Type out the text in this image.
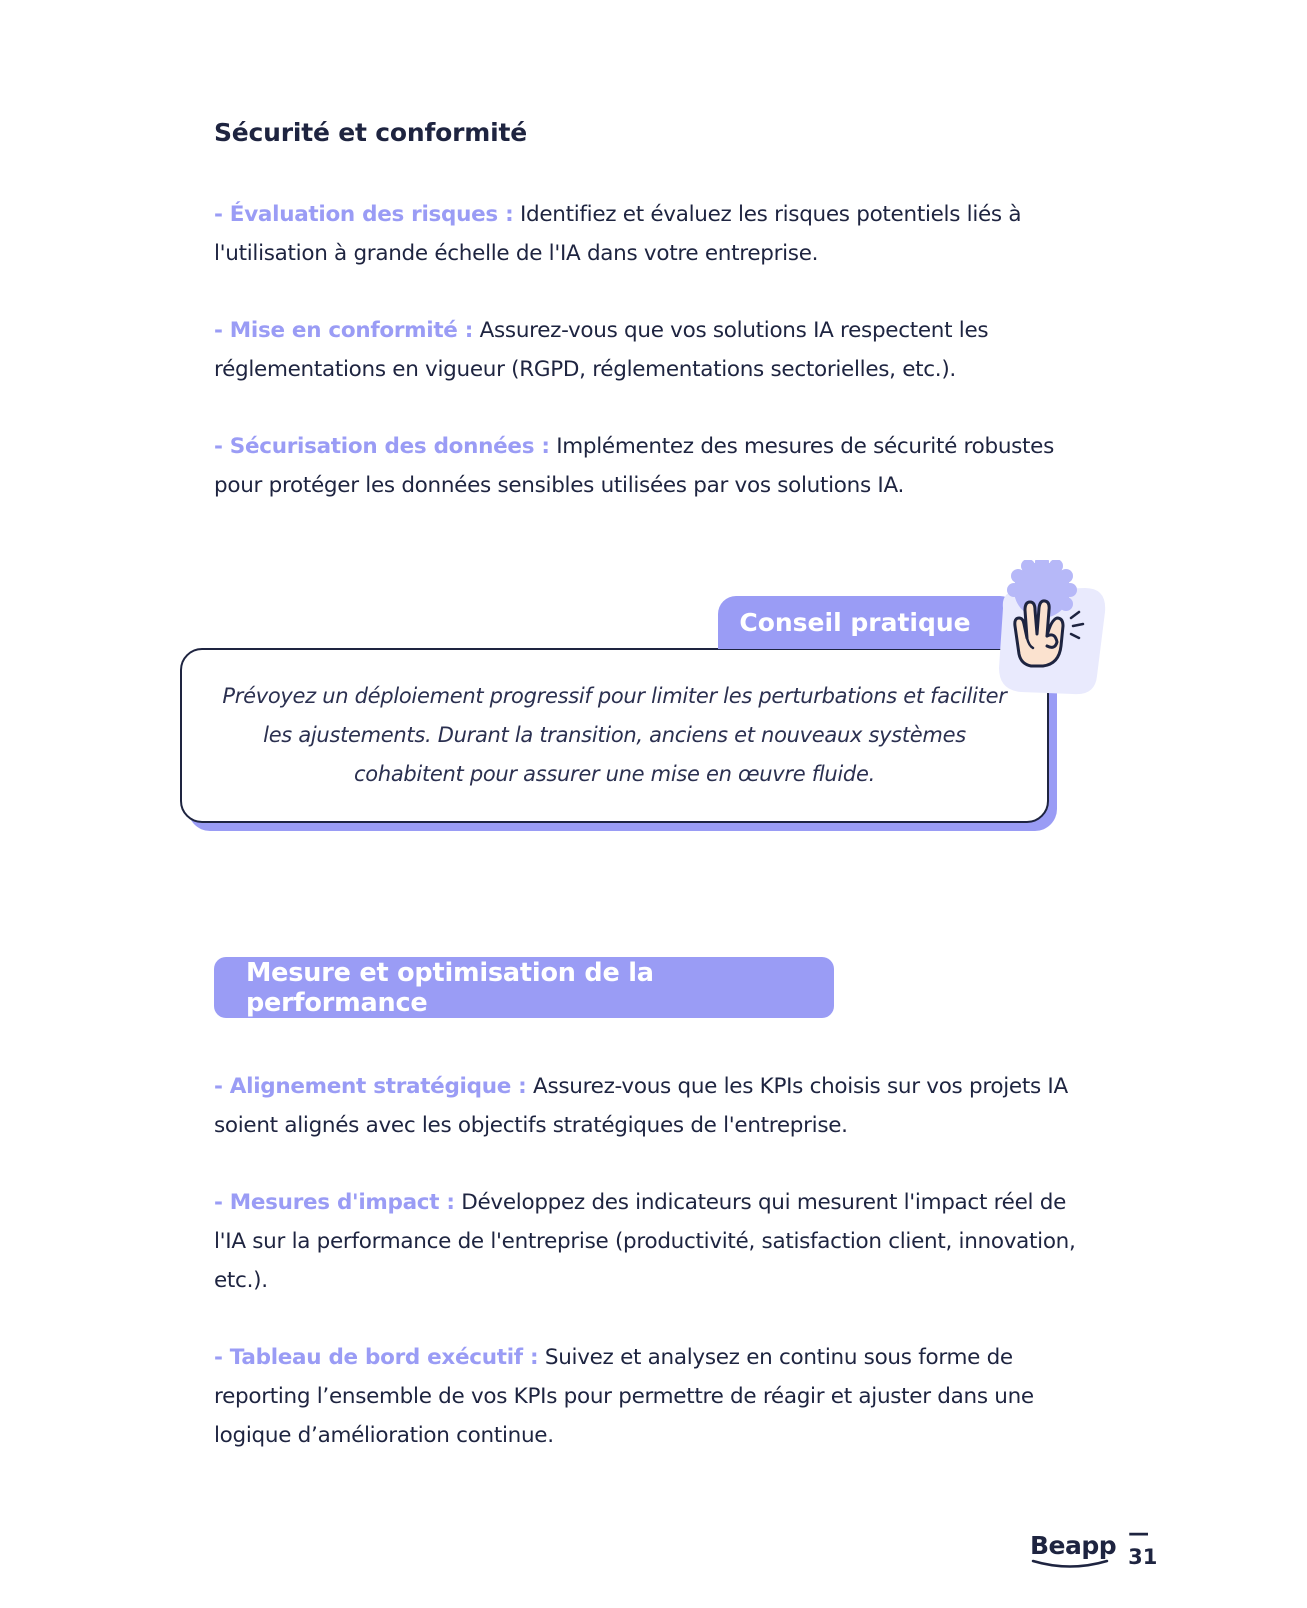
Sécurité et conformité

- Évaluation des risques : Identifiez et évaluez les risques potentiels liés à l'utilisation à grande échelle de l'IA dans votre entreprise.

- Mise en conformité : Assurez-vous que vos solutions IA respectent les réglementations en vigueur (RGPD, réglementations sectorielles, etc.).

- Sécurisation des données : Implémentez des mesures de sécurité robustes pour protéger les données sensibles utilisées par vos solutions IA.

Prévoyez un déploiement progressif pour limiter les perturbations et faciliter les ajustements. Durant la transition, anciens et nouveaux systèmes cohabitent pour assurer une mise en œuvre fluide.

Conseil pratique
Mesure et optimisation de la performance

- Alignement stratégique : Assurez-vous que les KPIs choisis sur vos projets IA soient alignés avec les objectifs stratégiques de l'entreprise.

- Mesures d'impact : Développez des indicateurs qui mesurent l'impact réel de l'IA sur la performance de l'entreprise (productivité, satisfaction client, innovation, etc.).

- Tableau de bord exécutif : Suivez et analysez en continu sous forme de reporting l’ensemble de vos KPIs pour permettre de réagir et ajuster dans une logique d’amélioration continue.

Beapp — 31
